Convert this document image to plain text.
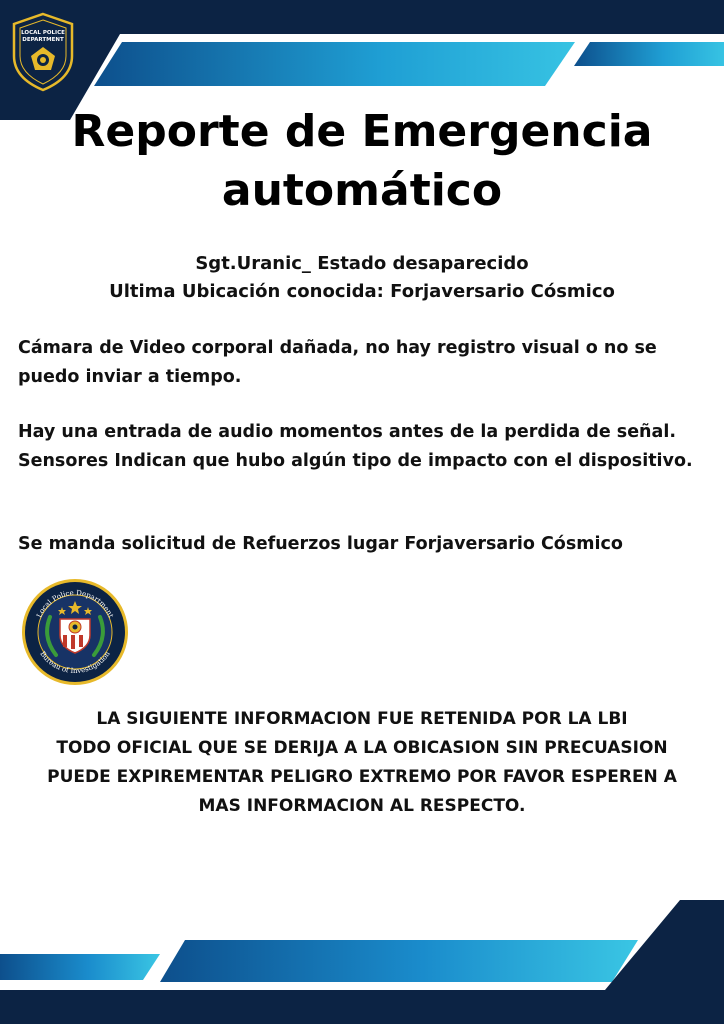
LOCAL POLICE
DEPARTMENT
Reporte de Emergencia
automático
Sgt.Uranic_ Estado desaparecido
Ultima Ubicación conocida: Forjaversario Cósmico
Cámara de Video corporal dañada, no hay registro visual o no se puedo inviar a tiempo.
Hay una entrada de audio momentos antes de la perdida de señal. Sensores Indican que hubo algún tipo de impacto con el dispositivo.
Se manda solicitud de Refuerzos lugar Forjaversario Cósmico
Local Police Department
Bureau of Investigation
LA SIGUIENTE INFORMACION FUE RETENIDA POR LA LBI
TODO OFICIAL QUE SE DERIJA A LA OBICASION SIN PRECUASION
PUEDE EXPIREMENTAR PELIGRO EXTREMO POR FAVOR ESPEREN A
MAS INFORMACION AL RESPECTO.
